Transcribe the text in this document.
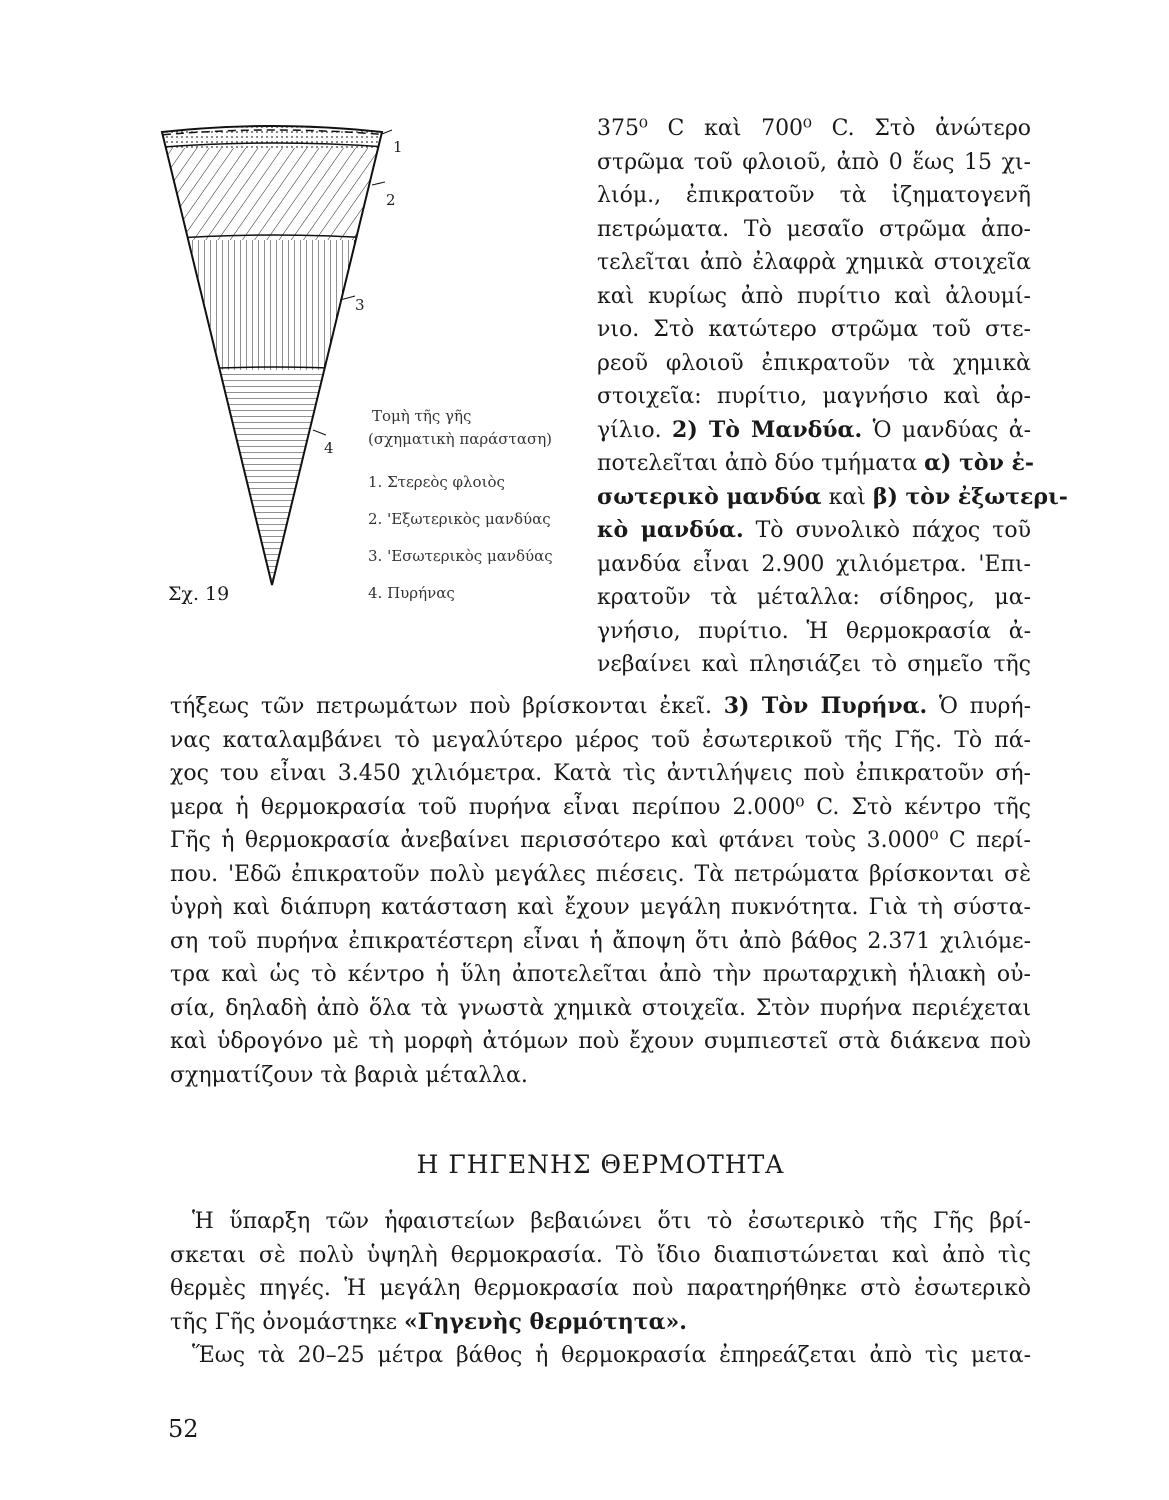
1
2
3
4
Σχ. 19
Τομὴ τῆς γῆς
(σχηματικὴ παράσταση)
1. Στερεὸς φλοιὸς
2. 'Εξωτερικὸς μανδύας
3. 'Εσωτερικὸς μανδύας
4. Πυρήνας
375⁰ C καὶ 700⁰ C. Στὸ ἀνώτερο
στρῶμα τοῦ φλοιοῦ, ἀπὸ 0 ἕως 15 χι-
λιόμ., ἐπικρατοῦν τὰ ἱζηματογενῆ
πετρώματα. Τὸ μεσαῖο στρῶμα ἀπο-
τελεῖται ἀπὸ ἐλαφρὰ χημικὰ στοιχεῖα
καὶ κυρίως ἀπὸ πυρίτιο καὶ ἀλουμί-
νιο. Στὸ κατώτερο στρῶμα τοῦ στε-
ρεοῦ φλοιοῦ ἐπικρατοῦν τὰ χημικὰ
στοιχεῖα: πυρίτιο, μαγνήσιο καὶ ἀρ-
γίλιο. 2) Τὸ Μανδύα. Ὁ μανδύας ἀ-
ποτελεῖται ἀπὸ δύο τμήματα α) τὸν ἐ-
σωτερικὸ μανδύα καὶ β) τὸν ἐξωτερι-
κὸ μανδύα. Τὸ συνολικὸ πάχος τοῦ
μανδύα εἶναι 2.900 χιλιόμετρα. 'Επι-
κρατοῦν τὰ μέταλλα: σίδηρος, μα-
γνήσιο, πυρίτιο. Ἡ θερμοκρασία ἀ-
νεβαίνει καὶ πλησιάζει τὸ σημεῖο τῆς
τήξεως τῶν πετρωμάτων ποὺ βρίσκονται ἐκεῖ. 3) Τὸν Πυρήνα. Ὁ πυρή-
νας καταλαμβάνει τὸ μεγαλύτερο μέρος τοῦ ἐσωτερικοῦ τῆς Γῆς. Τὸ πά-
χος του εἶναι 3.450 χιλιόμετρα. Κατὰ τὶς ἀντιλήψεις ποὺ ἐπικρατοῦν σή-
μερα ἡ θερμοκρασία τοῦ πυρήνα εἶναι περίπου 2.000⁰ C. Στὸ κέντρο τῆς
Γῆς ἡ θερμοκρασία ἀνεβαίνει περισσότερο καὶ φτάνει τοὺς 3.000⁰ C περί-
που. 'Εδῶ ἐπικρατοῦν πολὺ μεγάλες πιέσεις. Τὰ πετρώματα βρίσκονται σὲ
ὑγρὴ καὶ διάπυρη κατάσταση καὶ ἔχουν μεγάλη πυκνότητα. Γιὰ τὴ σύστα-
ση τοῦ πυρήνα ἐπικρατέστερη εἶναι ἡ ἄποψη ὅτι ἀπὸ βάθος 2.371 χιλιόμε-
τρα καὶ ὡς τὸ κέντρο ἡ ὕλη ἀποτελεῖται ἀπὸ τὴν πρωταρχικὴ ἡλιακὴ οὐ-
σία, δηλαδὴ ἀπὸ ὅλα τὰ γνωστὰ χημικὰ στοιχεῖα. Στὸν πυρήνα περιέχεται
καὶ ὑδρογόνο μὲ τὴ μορφὴ ἀτόμων ποὺ ἔχουν συμπιεστεῖ στὰ διάκενα ποὺ
σχηματίζουν τὰ βαριὰ μέταλλα.
Η ΓΗΓΕΝΗΣ ΘΕΡΜΟΤΗΤΑ
Ἡ ὕπαρξη τῶν ἡφαιστείων βεβαιώνει ὅτι τὸ ἐσωτερικὸ τῆς Γῆς βρί-
σκεται σὲ πολὺ ὑψηλὴ θερμοκρασία. Τὸ ἴδιο διαπιστώνεται καὶ ἀπὸ τὶς
θερμὲς πηγές. Ἡ μεγάλη θερμοκρασία ποὺ παρατηρήθηκε στὸ ἐσωτερικὸ
τῆς Γῆς ὀνομάστηκε «Γηγενὴς θερμότητα».
Ἕως τὰ 20–25 μέτρα βάθος ἡ θερμοκρασία ἐπηρεάζεται ἀπὸ τὶς μετα-
52
